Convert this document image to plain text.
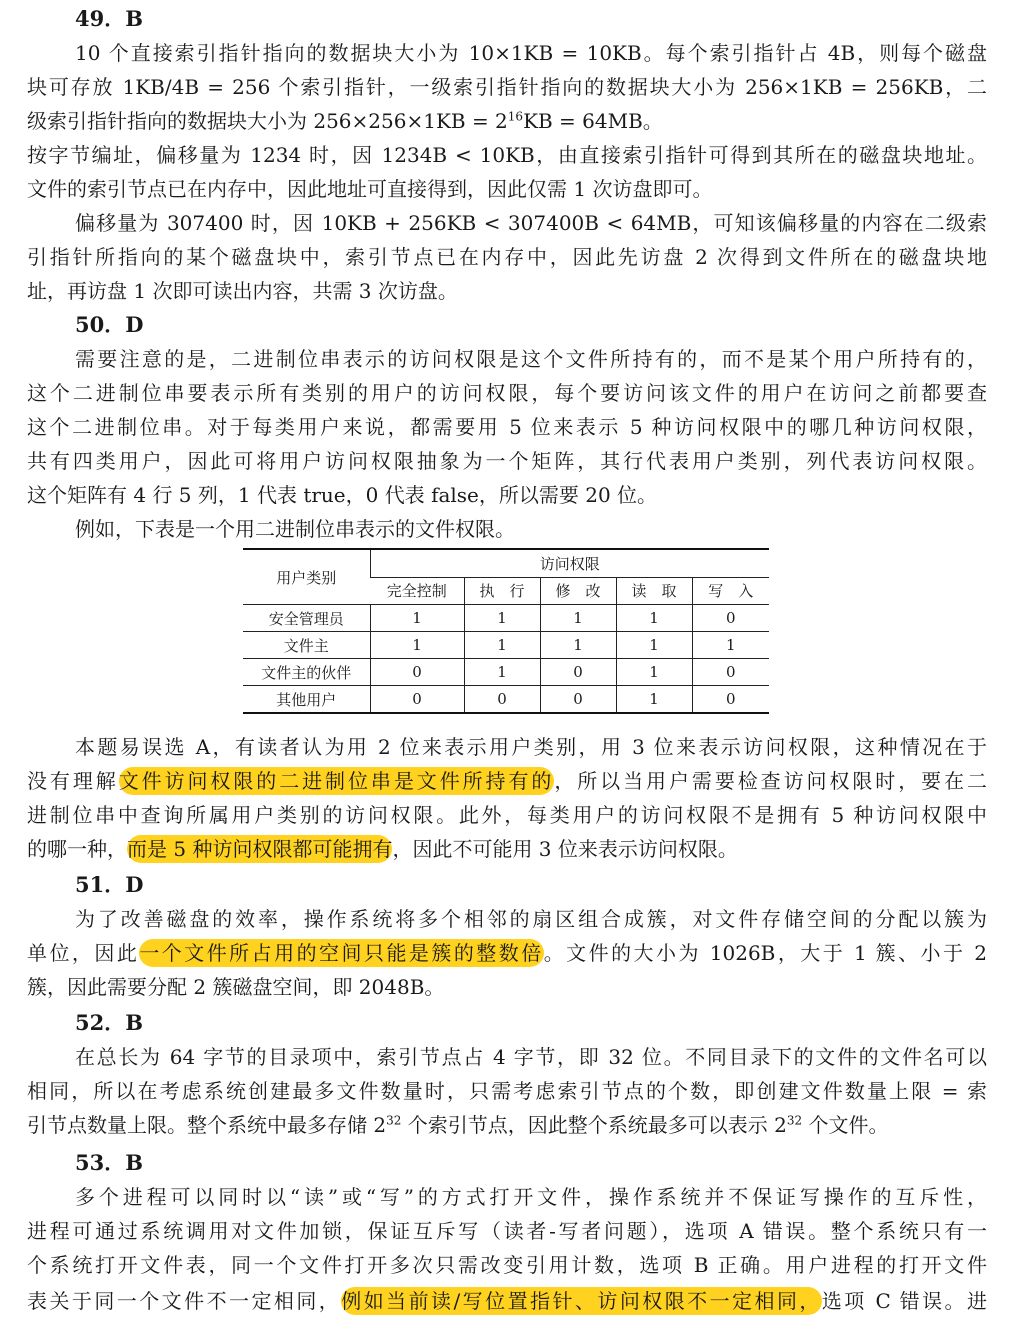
49．B
10 个直接索引指针指向的数据块大小为 10×1KB = 10KB。每个索引指针占 4B，则每个磁盘
块可存放 1KB/4B = 256 个索引指针，一级索引指针指向的数据块大小为 256×1KB = 256KB，二
级索引指针指向的数据块大小为 $256\times 256\times 1KB = 2^{16}KB = 64MB$。
按字节编址，偏移量为 1234 时，因 1234B < 10KB，由直接索引指针可得到其所在的磁盘块地址。
文件的索引节点已在内存中，因此地址可直接得到，因此仅需 1 次访盘即可。
偏移量为 307400 时，因 10KB + 256KB < 307400B < 64MB，可知该偏移量的内容在二级索
引指针所指向的某个磁盘块中，索引节点已在内存中，因此先访盘 2 次得到文件所在的磁盘块地
址，再访盘 1 次即可读出内容，共需 3 次访盘。
50．D
需要注意的是，二进制位串表示的访问权限是这个文件所持有的，而不是某个用户所持有的，
这个二进制位串要表示所有类别的用户的访问权限，每个要访问该文件的用户在访问之前都要查
这个二进制位串。对于每类用户来说，都需要用 5 位来表示 5 种访问权限中的哪几种访问权限，
共有四类用户，因此可将用户访问权限抽象为一个矩阵，其行代表用户类别，列代表访问权限。
这个矩阵有 4 行 5 列，1 代表 true，0 代表 false，所以需要 20 位。
例如，下表是一个用二进制位串表示的文件权限。
用户类别	访问权限				
	完全控制	执　行	修　改	读　取	写　入
安全管理员	1	1	1	1	0
文件主	1	1	1	1	1
文件主的伙伴	0	1	0	1	0
其他用户	0	0	0	1	0
本题易误选 A，有读者认为用 2 位来表示用户类别，用 3 位来表示访问权限，这种情况在于
没有理解文件访问权限的二进制位串是文件所持有的，所以当用户需要检查访问权限时，要在二
进制位串中查询所属用户类别的访问权限。此外，每类用户的访问权限不是拥有 5 种访问权限中
的哪一种，而是 5 种访问权限都可能拥有，因此不可能用 3 位来表示访问权限。
51．D
为了改善磁盘的效率，操作系统将多个相邻的扇区组合成簇，对文件存储空间的分配以簇为
单位，因此一个文件所占用的空间只能是簇的整数倍。文件的大小为 1026B，大于 1 簇、小于 2
簇，因此需要分配 2 簇磁盘空间，即 2048B。
52．B
在总长为 64 字节的目录项中，索引节点占 4 字节，即 32 位。不同目录下的文件的文件名可以
相同，所以在考虑系统创建最多文件数量时，只需考虑索引节点的个数，即创建文件数量上限 = 索
引节点数量上限。整个系统中最多存储 $2^{32}$ 个索引节点，因此整个系统最多可以表示 $2^{32}$ 个文件。
53．B
多个进程可以同时以“读”或“写”的方式打开文件，操作系统并不保证写操作的互斥性，
进程可通过系统调用对文件加锁，保证互斥写（读者-写者问题），选项 A 错误。整个系统只有一
个系统打开文件表，同一个文件打开多次只需改变引用计数，选项 B 正确。用户进程的打开文件
表关于同一个文件不一定相同，例如当前读/写位置指针、访问权限不一定相同，选项 C 错误。进
